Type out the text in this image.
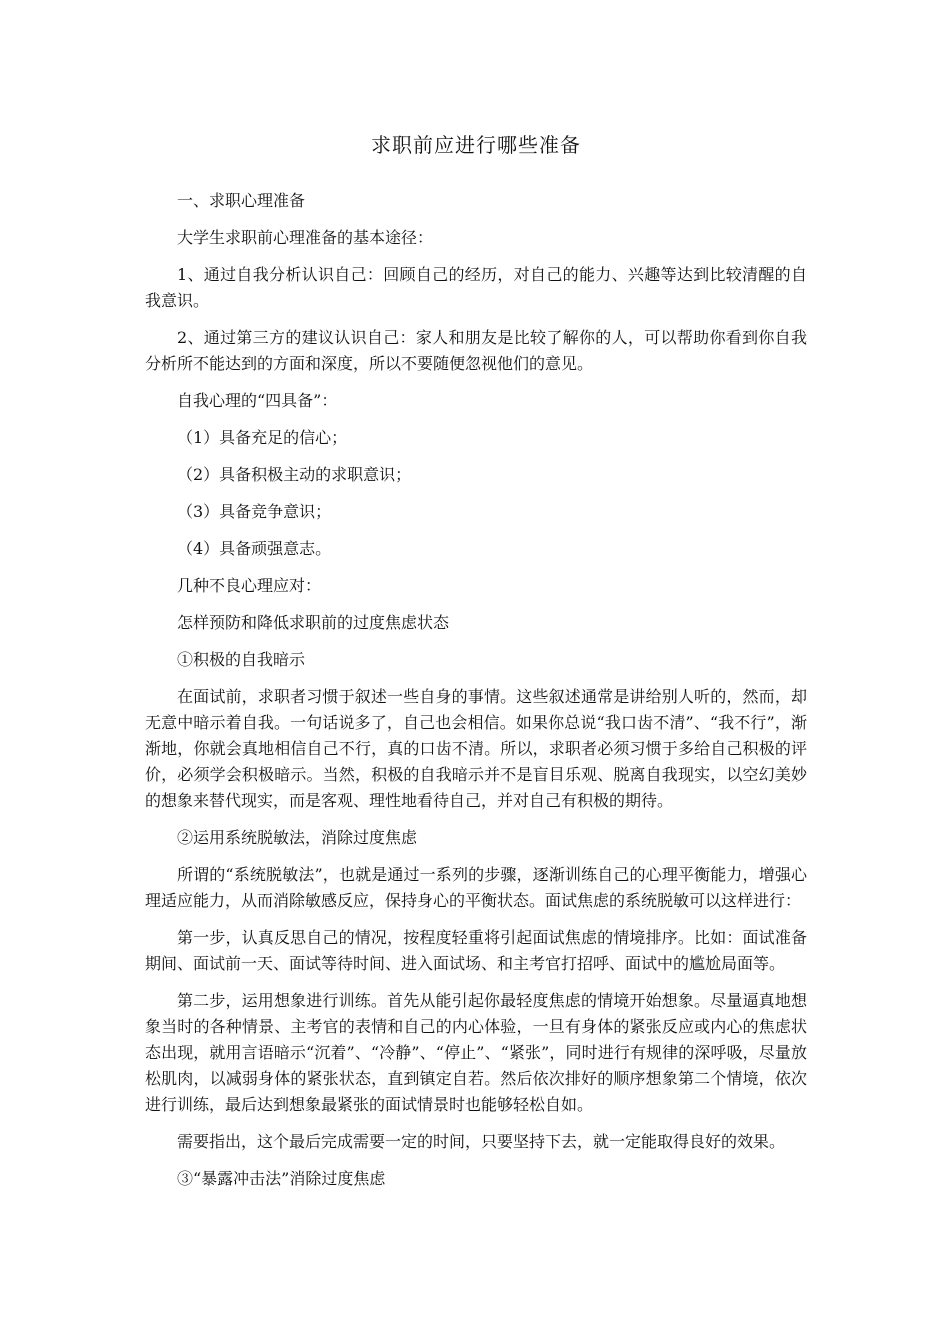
求职前应进行哪些准备

一、求职心理准备

大学生求职前心理准备的基本途径：

1、通过自我分析认识自己：回顾自己的经历，对自己的能力、兴趣等达到比较清醒的自我意识。

2、通过第三方的建议认识自己：家人和朋友是比较了解你的人，可以帮助你看到你自我分析所不能达到的方面和深度，所以不要随便忽视他们的意见。

自我心理的“四具备”：

（1）具备充足的信心；

（2）具备积极主动的求职意识；

（3）具备竞争意识；

（4）具备顽强意志。

几种不良心理应对：

怎样预防和降低求职前的过度焦虑状态

①积极的自我暗示

在面试前，求职者习惯于叙述一些自身的事情。这些叙述通常是讲给别人听的，然而，却无意中暗示着自我。一句话说多了，自己也会相信。如果你总说“我口齿不清”、“我不行”，渐渐地，你就会真地相信自己不行，真的口齿不清。所以，求职者必须习惯于多给自己积极的评价，必须学会积极暗示。当然，积极的自我暗示并不是盲目乐观、脱离自我现实，以空幻美妙的想象来替代现实，而是客观、理性地看待自己，并对自己有积极的期待。

②运用系统脱敏法，消除过度焦虑

所谓的“系统脱敏法”，也就是通过一系列的步骤，逐渐训练自己的心理平衡能力，增强心理适应能力，从而消除敏感反应，保持身心的平衡状态。面试焦虑的系统脱敏可以这样进行：

第一步，认真反思自己的情况，按程度轻重将引起面试焦虑的情境排序。比如：面试准备期间、面试前一天、面试等待时间、进入面试场、和主考官打招呼、面试中的尴尬局面等。

第二步，运用想象进行训练。首先从能引起你最轻度焦虑的情境开始想象。尽量逼真地想象当时的各种情景、主考官的表情和自己的内心体验，一旦有身体的紧张反应或内心的焦虑状态出现，就用言语暗示“沉着”、“冷静”、“停止”、“紧张”，同时进行有规律的深呼吸，尽量放松肌肉，以减弱身体的紧张状态，直到镇定自若。然后依次排好的顺序想象第二个情境，依次进行训练，最后达到想象最紧张的面试情景时也能够轻松自如。

需要指出，这个最后完成需要一定的时间，只要坚持下去，就一定能取得良好的效果。

③“暴露冲击法”消除过度焦虑
